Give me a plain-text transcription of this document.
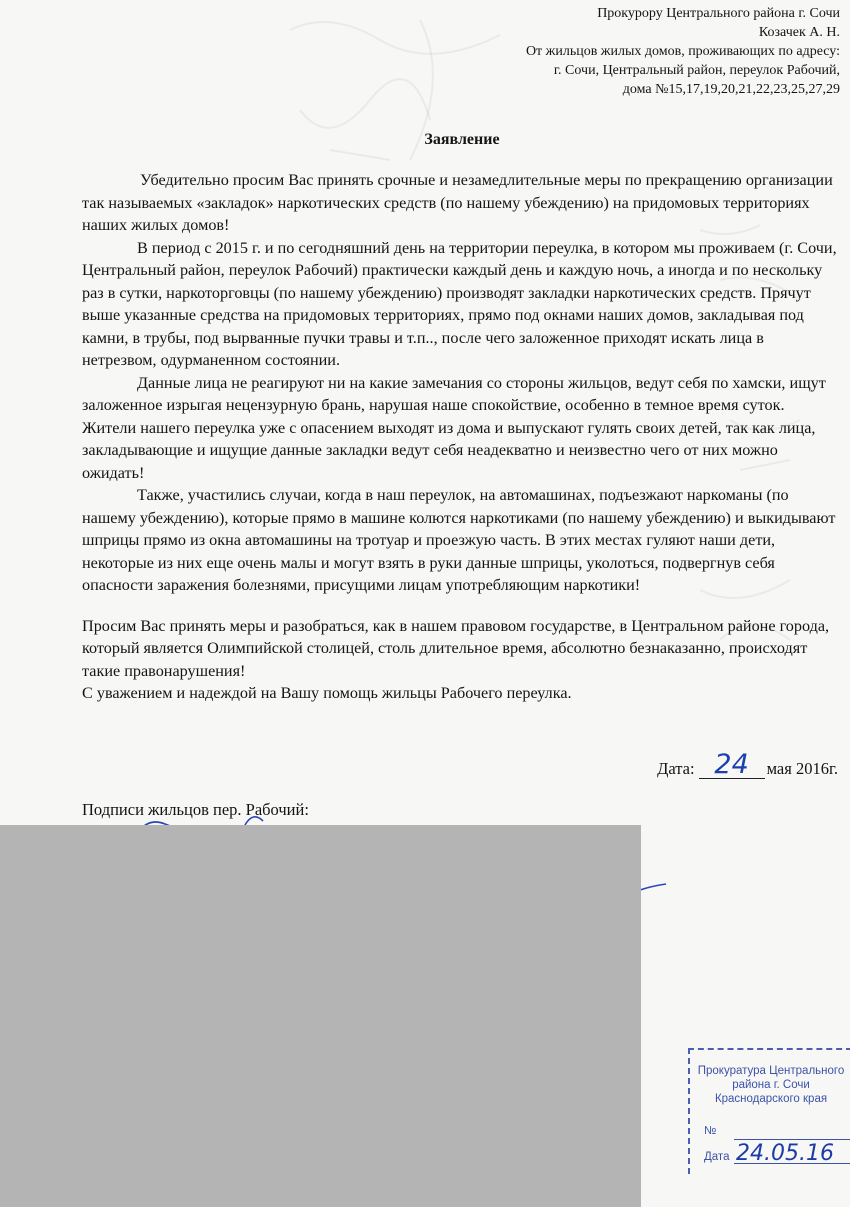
Прокурору Центрального района г. Сочи
Козачек А. Н.
От жильцов жилых домов, проживающих по адресу:
г. Сочи, Центральный район, переулок Рабочий,
дома №15,17,19,20,21,22,23,25,27,29
Заявление

Убедительно просим Вас принять срочные и незамедлительные меры по прекращению организации так называемых «закладок» наркотических средств (по нашему убеждению) на придомовых территориях наших жилых домов!

В период с 2015 г. и по сегодняшний день на территории переулка, в котором мы проживаем (г. Сочи, Центральный район, переулок Рабочий) практически каждый день и каждую ночь, а иногда и по нескольку раз в сутки, наркоторговцы (по нашему убеждению) производят закладки наркотических средств. Прячут выше указанные средства на придомовых территориях, прямо под окнами наших домов, закладывая под камни, в трубы, под вырванные пучки травы и т.п.., после чего заложенное приходят искать лица в нетрезвом, одурманенном состоянии.

Данные лица не реагируют ни на какие замечания со стороны жильцов, ведут себя по хамски, ищут заложенное изрыгая нецензурную брань, нарушая наше спокойствие, особенно в темное время суток. Жители нашего переулка уже с опасением выходят из дома и выпускают гулять своих детей, так как лица, закладывающие и ищущие данные закладки ведут себя неадекватно и неизвестно чего от них можно ожидать!

Также, участились случаи, когда в наш переулок, на автомашинах, подъезжают наркоманы (по нашему убеждению), которые прямо в машине колются наркотиками (по нашему убеждению) и выкидывают шприцы прямо из окна автомашины на тротуар и проезжую часть. В этих местах гуляют наши дети, некоторые из них еще очень малы и могут взять в руки данные шприцы, уколоться, подвергнув себя опасности заражения болезнями, присущими лицам употребляющим наркотики!

Просим Вас принять меры и разобраться, как в нашем правовом государстве, в Центральном районе города, который является Олимпийской столицей, столь длительное время, абсолютно безнаказанно, происходят такие правонарушения!

С уважением и надеждой на Вашу помощь жильцы Рабочего переулка.

Дата: 24	мая 2016г.
Подписи жильцов пер. Рабочий:
Прокуратура Центрального
района г. Сочи
Краснодарского края
№
Дата 24.05.16
